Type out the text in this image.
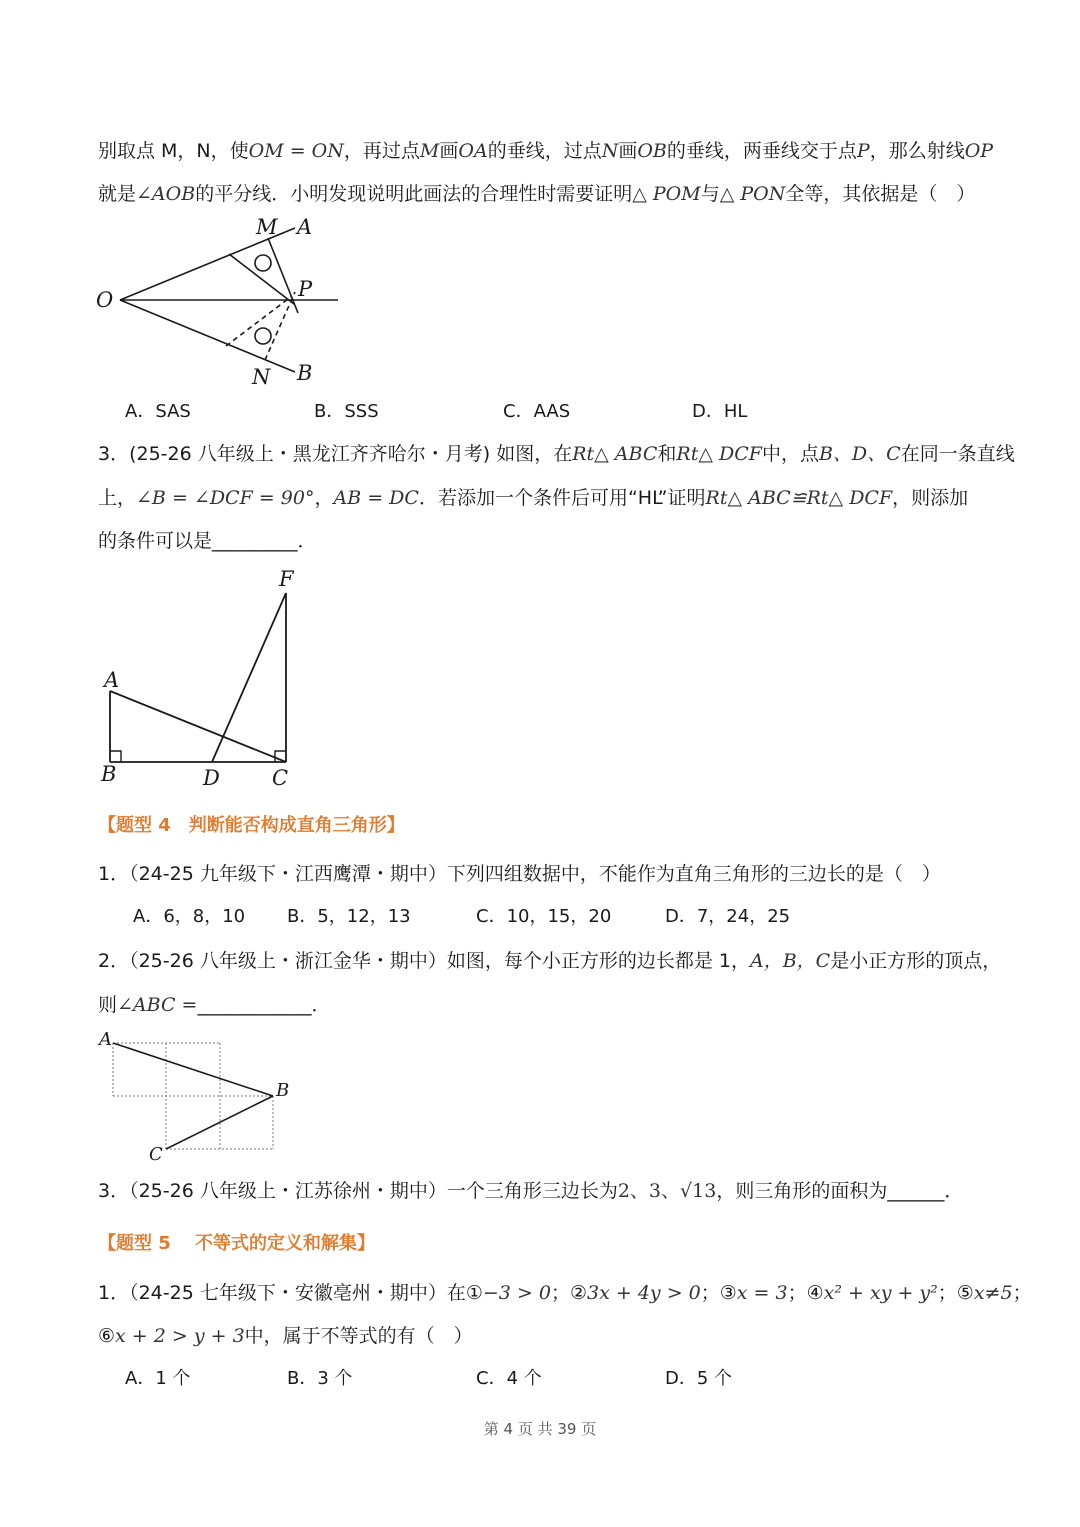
别取点 M，N，使OM = ON，再过点M画OA的垂线，过点N画OB的垂线，两垂线交于点P，那么射线OP
就是∠AOB的平分线．小明发现说明此画法的合理性时需要证明△ POM与△ PON全等，其依据是（　）
M A
O	P
N B
A．SAS	B．SSS	C．AAS	D．HL
3．(25-26 八年级上・黑龙江齐齐哈尔・月考) 如图，在Rt△ ABC和Rt△ DCF中，点B、D、C在同一条直线
上，∠B = ∠DCF = 90°，AB = DC．若添加一个条件后可用“HL”证明Rt△ ABC≌Rt△ DCF，则添加
的条件可以是_________．
F
A
B	D C
【题型 4　判断能否构成直角三角形】
1．（24-25 九年级下・江西鹰潭・期中）下列四组数据中，不能作为直角三角形的三边长的是（　）
A．6，8，10 B．5，12，13	C．10，15，20	D．7，24，25
2．（25-26 八年级上・浙江金华・期中）如图，每个小正方形的边长都是 1，A，B，C是小正方形的顶点，
则∠ABC =____________．
A
B
C
3．（25-26 八年级上・江苏徐州・期中）一个三角形三边长为2、3、√13，则三角形的面积为______．
【题型 5　 不等式的定义和解集】
1．（24-25 七年级下・安徽亳州・期中）在①−3 > 0；②3x + 4y > 0；③x = 3；④x² + xy + y²；⑤x≠5；
⑥x + 2 > y + 3中，属于不等式的有（　）
A．1 个	B．3 个	C．4 个	D．5 个
第 4 页 共 39 页
